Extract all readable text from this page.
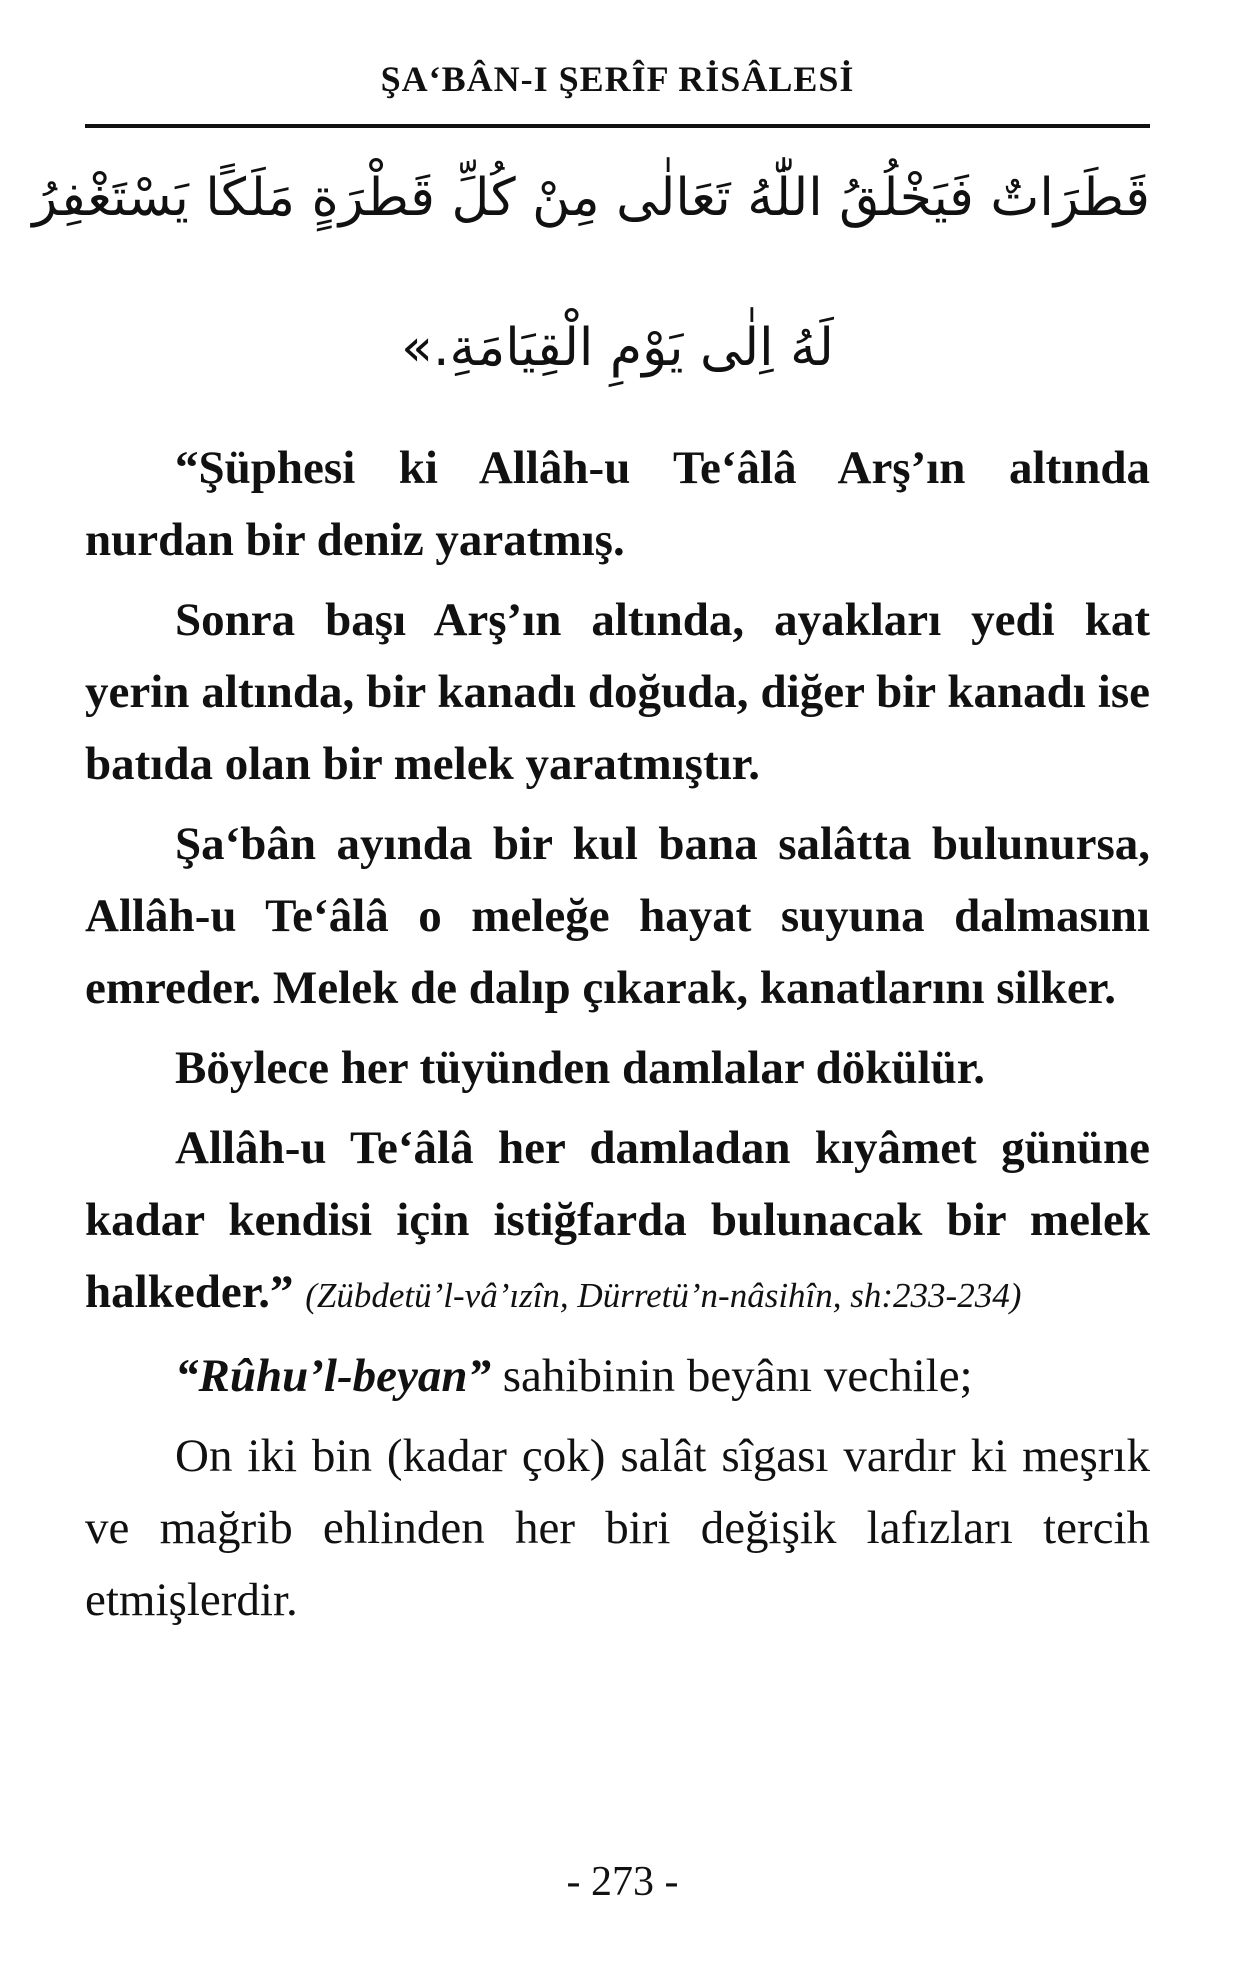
ŞA‘BÂN-I ŞERÎF RİSÂLESİ
قَطَرَاتٌ فَيَخْلُقُ اللّٰهُ تَعَالٰى مِنْ كُلِّ قَطْرَةٍ مَلَكًا يَسْتَغْفِرُ
لَهُ اِلٰى يَوْمِ الْقِيَامَةِ.»

“Şüphesi ki Allâh-u Te‘âlâ Arş’ın altında nurdan bir deniz yaratmış.

Sonra başı Arş’ın altında, ayakları yedi kat yerin altında, bir kanadı doğuda, diğer bir kanadı ise batıda olan bir melek yaratmıştır.

Şa‘bân ayında bir kul bana salâtta bulunursa, Allâh-u Te‘âlâ o meleğe hayat suyuna dalmasını emreder. Melek de dalıp çıkarak, kanatlarını silker.

Böylece her tüyünden damlalar dökülür.

Allâh-u Te‘âlâ her damladan kıyâmet gününe kadar kendisi için istiğfarda bulunacak bir melek halkeder.” (Zübdetü’l-vâ’ızîn, Dürretü’n-nâsihîn, sh:233-234)

“Rûhu’l-beyan” sahibinin beyânı vechile;

On iki bin (kadar çok) salât sîgası vardır ki meşrık ve mağrib ehlinden her biri değişik lafızları tercih etmişlerdir.

- 273 -
